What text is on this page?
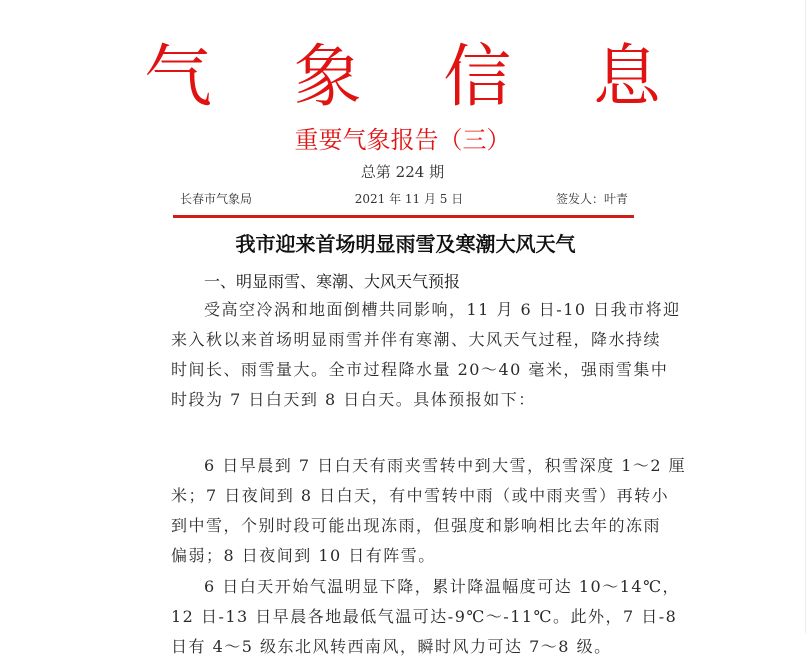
气 象 信 息
重要气象报告（三）
总第 224 期
长春市气象局	2021 年 11 月 5 日	签发人：叶青
我市迎来首场明显雨雪及寒潮大风天气
一、明显雨雪、寒潮、大风天气预报
受高空冷涡和地面倒槽共同影响，11 月 6 日-10 日我市将迎
来入秋以来首场明显雨雪并伴有寒潮、大风天气过程，降水持续
时间长、雨雪量大。全市过程降水量 20～40 毫米，强雨雪集中
时段为 7 日白天到 8 日白天。具体预报如下：
6 日早晨到 7 日白天有雨夹雪转中到大雪，积雪深度 1～2 厘
米；7 日夜间到 8 日白天，有中雪转中雨（或中雨夹雪）再转小
到中雪，个别时段可能出现冻雨，但强度和影响相比去年的冻雨
偏弱；8 日夜间到 10 日有阵雪。
6 日白天开始气温明显下降，累计降温幅度可达 10～14℃，
12 日-13 日早晨各地最低气温可达-9℃～-11℃。此外，7 日-8
日有 4～5 级东北风转西南风，瞬时风力可达 7～8 级。
